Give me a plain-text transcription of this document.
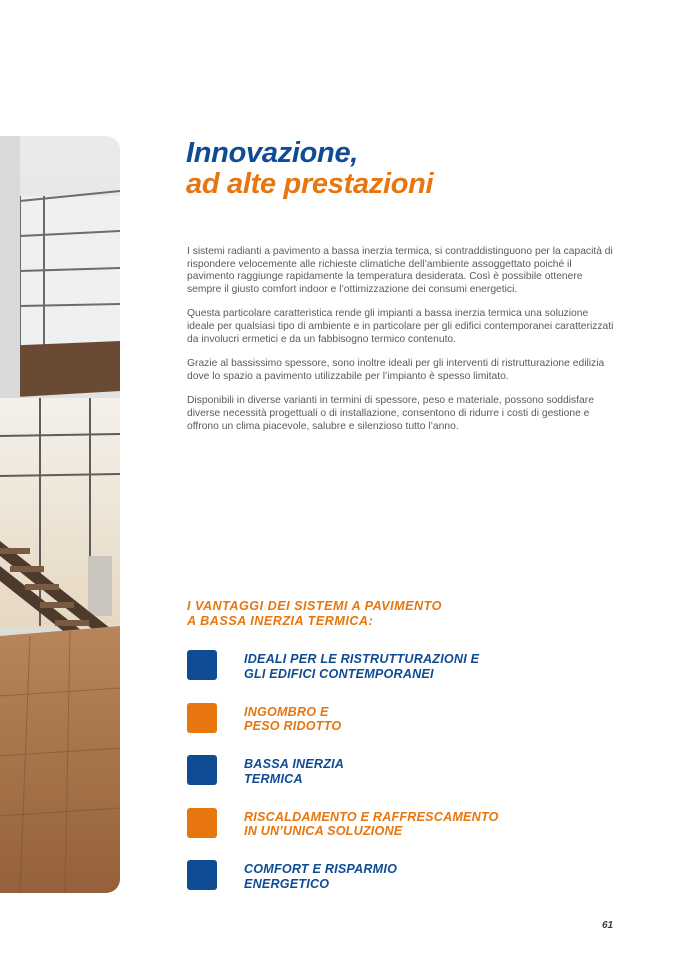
Innovazione,
ad alte prestazioni

I sistemi radianti a pavimento a bassa inerzia termica, si contraddistinguono per la capacità di rispondere velocemente alle richieste climatiche dell’ambiente assoggettato poiché il pavimento raggiunge rapidamente la temperatura desiderata. Così è possibile ottenere sempre il giusto comfort indoor e l’ottimizzazione dei consumi energetici.

Questa particolare caratteristica rende gli impianti a bassa inerzia termica una soluzione ideale per qualsiasi tipo di ambiente e in particolare per gli edifici contemporanei caratterizzati da involucri ermetici e da un fabbisogno termico contenuto.

Grazie al bassissimo spessore, sono inoltre ideali per gli interventi di ristrutturazione edilizia dove lo spazio a pavimento utilizzabile per l’impianto è spesso limitato.

Disponibili in diverse varianti in termini di spessore, peso e materiale, possono soddisfare diverse necessità progettuali o di installazione, consentono di ridurre i costi di gestione e offrono un clima piacevole, salubre e silenzioso tutto l’anno.

I VANTAGGI DEI SISTEMI A PAVIMENTO
A BASSA INERZIA TERMICA:
IDEALI PER LE RISTRUTTURAZIONI E
GLI EDIFICI CONTEMPORANEI
INGOMBRO E
PESO RIDOTTO
BASSA INERZIA
TERMICA
RISCALDAMENTO E RAFFRESCAMENTO
IN UN’UNICA SOLUZIONE
COMFORT E RISPARMIO
ENERGETICO
61
